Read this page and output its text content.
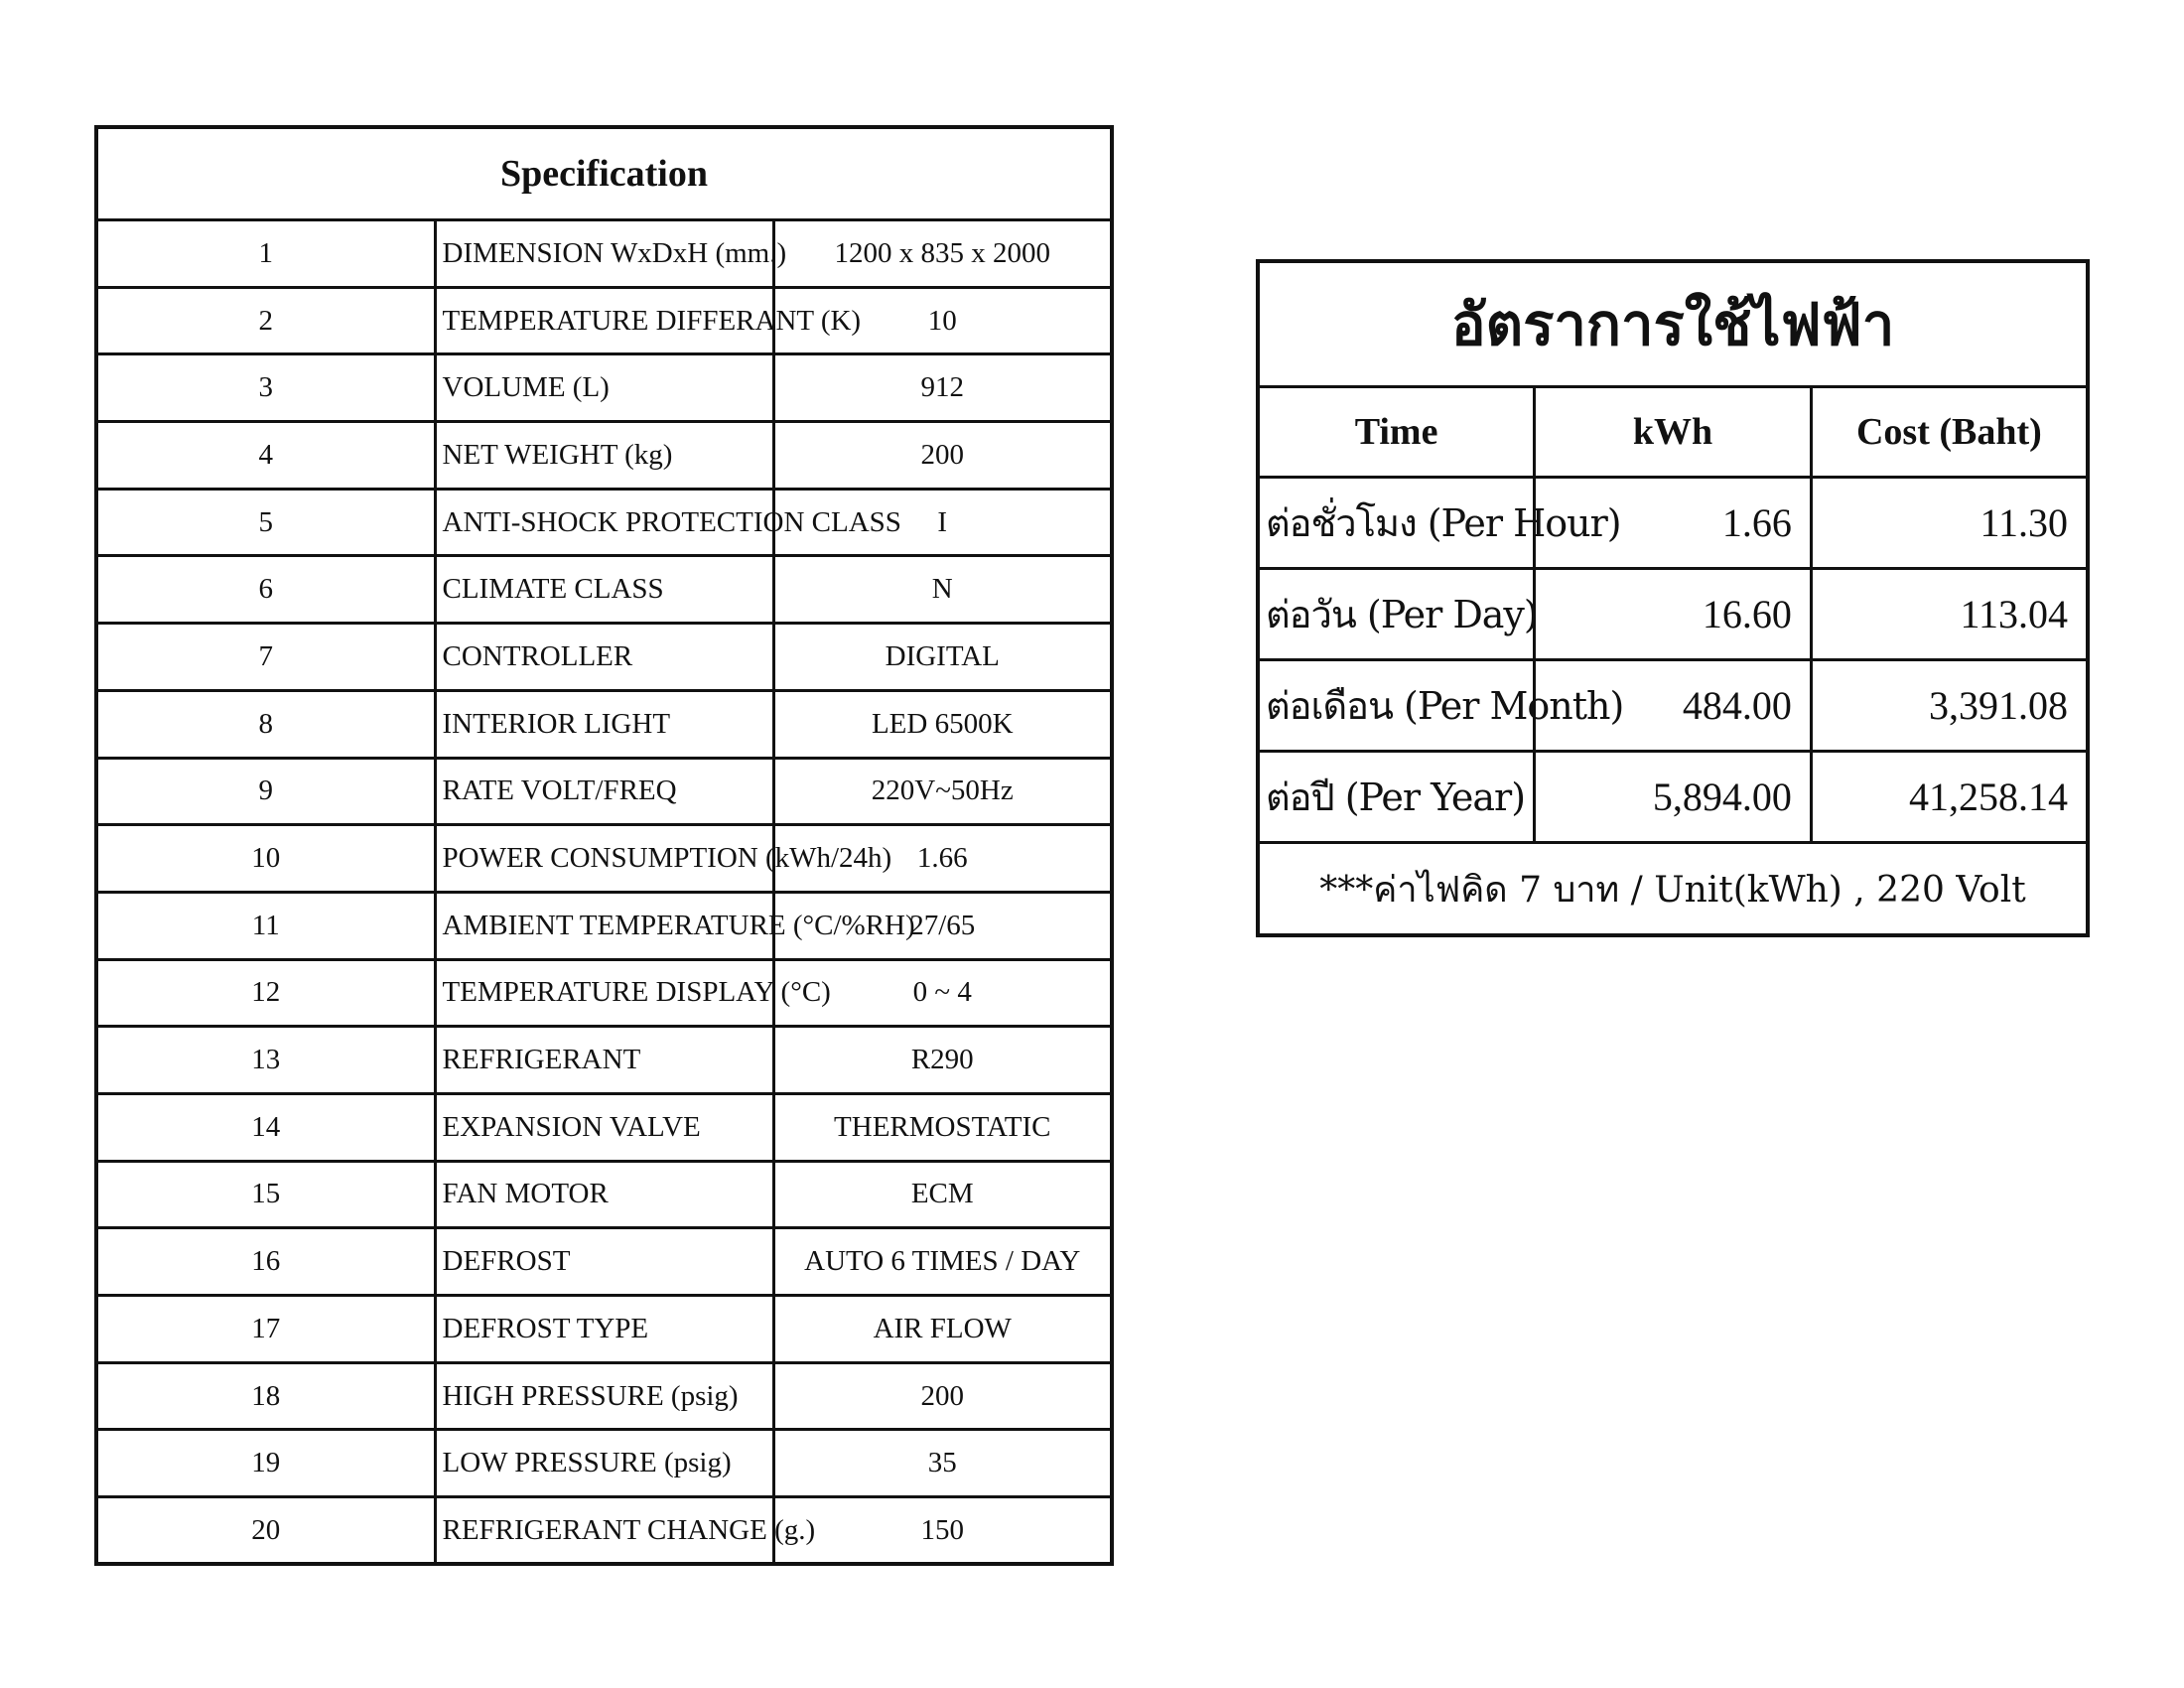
Specification		
1	DIMENSION WxDxH (mm.)	1200 x 835 x 2000
2	TEMPERATURE DIFFERANT (K)	10
3	VOLUME (L)	912
4	NET WEIGHT (kg)	200
5	ANTI-SHOCK PROTECTION CLASS	I
6	CLIMATE CLASS	N
7	CONTROLLER	DIGITAL
8	INTERIOR LIGHT	LED 6500K
9	RATE VOLT/FREQ	220V~50Hz
10	POWER CONSUMPTION (kWh/24h)	1.66
11	AMBIENT TEMPERATURE (°C/%RH)	27/65
12	TEMPERATURE DISPLAY (°C)	0 ~ 4
13	REFRIGERANT	R290
14	EXPANSION VALVE	THERMOSTATIC
15	FAN MOTOR	ECM
16	DEFROST	AUTO 6 TIMES / DAY
17	DEFROST TYPE	AIR FLOW
18	HIGH PRESSURE (psig)	200
19	LOW PRESSURE (psig)	35
20	REFRIGERANT CHANGE (g.)	150
อัตราการใช้ไฟฟ้า		
Time	kWh	Cost (Baht)
ต่อชั่วโมง (Per Hour)	1.66	11.30
ต่อวัน (Per Day)	16.60	113.04
ต่อเดือน (Per Month)	484.00	3,391.08
ต่อปี (Per Year)	5,894.00	41,258.14
***ค่าไฟคิด 7 บาท / Unit(kWh) , 220 Volt		
